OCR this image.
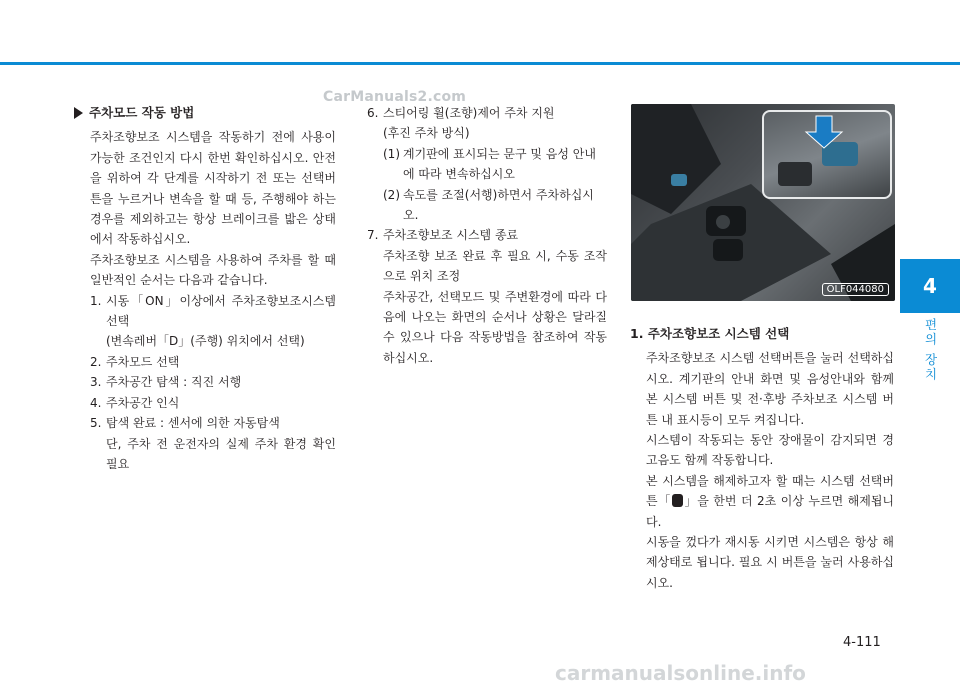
CarManuals2.com
주차모드 작동 방법
주차조향보조 시스템을 작동하기 전에 사용이 가능한 조건인지 다시 한번 확인하십시오. 안전을 위하여 각 단계를 시작하기 전 또는 선택버튼을 누르거나 변속을 할 때 등, 주행해야 하는 경우를 제외하고는 항상 브레이크를 밟은 상태에서 작동하십시오.
주차조향보조 시스템을 사용하여 주차를 할 때 일반적인 순서는 다음과 같습니다.
1. 시동「ON」이상에서 주차조향보조시스템 선택
(변속레버「D」(주행) 위치에서 선택)
2. 주차모드 선택
3. 주차공간 탐색 : 직진 서행
4. 주차공간 인식
5. 탐색 완료 : 센서에 의한 자동탐색
단, 주차 전 운전자의 실제 주차 환경 확인 필요
6. 스티어링 휠(조향)제어 주차 지원
(후진 주차 방식)
(1) 계기판에 표시되는 문구 및 음성 안내에 따라 변속하십시오
(2) 속도를 조절(서행)하면서 주차하십시오.
7. 주차조향보조 시스템 종료
주차조향 보조 완료 후 필요 시, 수동 조작으로 위치 조정
주차공간, 선택모드 및 주변환경에 따라 다음에 나오는 화면의 순서나 상황은 달라질 수 있으나 다음 작동방법을 참조하여 작동하십시오.
OLF044080
1. 주차조향보조 시스템 선택
주차조향보조 시스템 선택버튼을 눌러 선택하십시오. 계기판의 안내 화면 및 음성안내와 함께 본 시스템 버튼 및 전·후방 주차보조 시스템 버튼 내 표시등이 모두 켜집니다.
시스템이 작동되는 동안 장애물이 감지되면 경고음도 함께 작동합니다.
본 시스템을 해제하고자 할 때는 시스템 선택버튼「 」을 한번 더 2초 이상 누르면 해제됩니다.
시동을 껐다가 재시동 시키면 시스템은 항상 해제상태로 됩니다. 필요 시 버튼을 눌러 사용하십시오.
4
편의 장치
4-111
carmanualsonline.info
